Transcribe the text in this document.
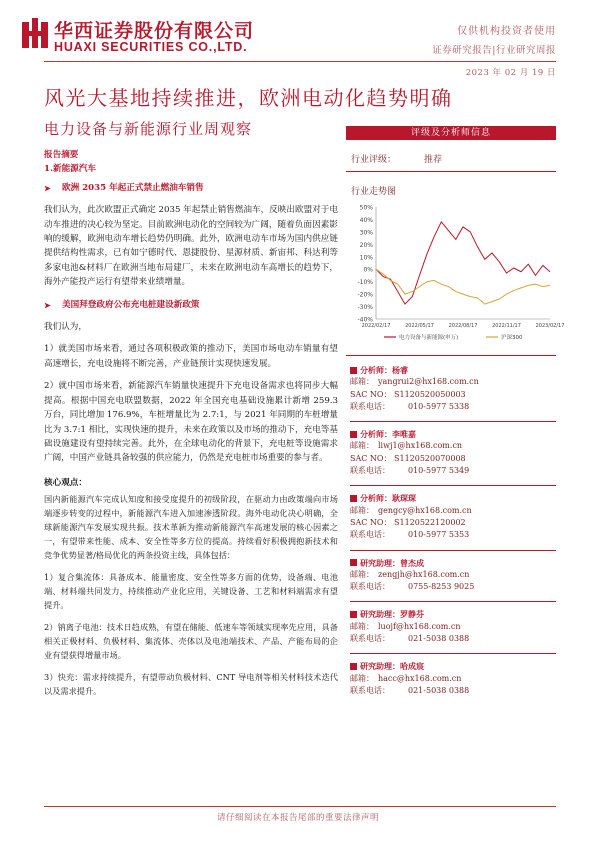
华西证券股份有限公司
HUAXI SECURITIES CO.,LTD.
仅供机构投资者使用
证券研究报告|行业研究周报
2023 年 02 月 19 日
风光大基地持续推进，欧洲电动化趋势明确
电力设备与新能源行业周观察
报告摘要
1.新能源汽车
➤ 欧洲 2035 年起正式禁止燃油车销售

我们认为，此次欧盟正式确定 2035 年起禁止销售燃油车，反映出欧盟对于电动车推进的决心较为坚定。目前欧洲电动化的空间较为广阔，随着负面因素影响的缓解，欧洲电动车增长趋势仍明确。此外，欧洲电动车市场为国内供应链提供结构性需求，已有如宁德时代、恩捷股份、星源材质、新宙邦、科达利等多家电池&材料厂在欧洲当地布局建厂，未来在欧洲电动车高增长的趋势下，海外产能投产运行有望带来业绩增量。

➤ 美国拜登政府公布充电桩建设新政策

我们认为，

1）就美国市场来看，通过各项积极政策的推动下，美国市场电动车销量有望高速增长，充电设施将不断完善，产业链预计实现快速发展。

2）就中国市场来看，新能源汽车销量快速提升下充电设备需求也将同步大幅提高。根据中国充电联盟数据，2022 年全国充电基础设施累计新增 259.3 万台，同比增加 176.9%，车桩增量比为 2.7:1，与 2021 年同期的车桩增量比为 3.7:1 相比，实现快速的提升，未来在政策以及市场的推动下，充电等基础设施建设有望持续完善。此外，在全球电动化的背景下，充电桩等设施需求广阔，中国产业链具备较强的供应能力，仍然是充电桩市场重要的参与者。

核心观点：

国内新能源汽车完成认知度和接受度提升的初级阶段，在驱动力由政策端向市场端逐步转变的过程中，新能源汽车进入加速渗透阶段。海外电动化决心明确，全球新能源汽车发展实现共振。技术革新为推动新能源汽车高速发展的核心因素之一，有望带来性能、成本、安全性等多方位的提高。持续看好积极拥抱新技术和竞争优势显著/格局优化的两条投资主线，具体包括：

1）复合集流体：具备成本、能量密度、安全性等多方面的优势，设备端、电池端、材料端共同发力，持续推动产业化应用，关键设备、工艺和材料端需求有望提升。

2）钠离子电池：技术日趋成熟，有望在储能、低速车等领域实现率先应用，具备相关正极材料、负极材料、集流体、壳体以及电池端技术、产品、产能布局的企业有望获得增量市场。

3）快充：需求持续提升，有望带动负极材料、CNT 导电剂等相关材料技术迭代以及需求提升。

评级及分析师信息
行业评级：	推荐
行业走势图
50%
40%
30%
20%
10%
0%
-10%
-20%
-30%
-40%
2022/02/17	2022/05/17	2022/08/17	2022/11/17	2023/02/17
电力设备与新能源(申万)	沪深300
分析师：杨睿
邮箱： yangrui2@hx168.com.cn
SAC NO： S1120520050003
联系电话：	010-5977 5338
分析师：李唯嘉
邮箱： liwj1@hx168.com.cn
SAC NO： S1120520070008
联系电话：	010-5977 5349
分析师：耿琛琛
邮箱： gengcy@hx168.com.cn
SAC NO： S1120522120002
联系电话：	010-5977 5353
研究助理：曾杰成
邮箱： zengjh@hx168.com.cn
联系电话：	0755-8253 9025
研究助理：罗静芬
邮箱： luojf@hx168.com.cn
联系电话：	021-5038 0388
研究助理：哈成宸
邮箱： hacc@hx168.com.cn
联系电话：	021-5038 0388
请仔细阅读在本报告尾部的重要法律声明
